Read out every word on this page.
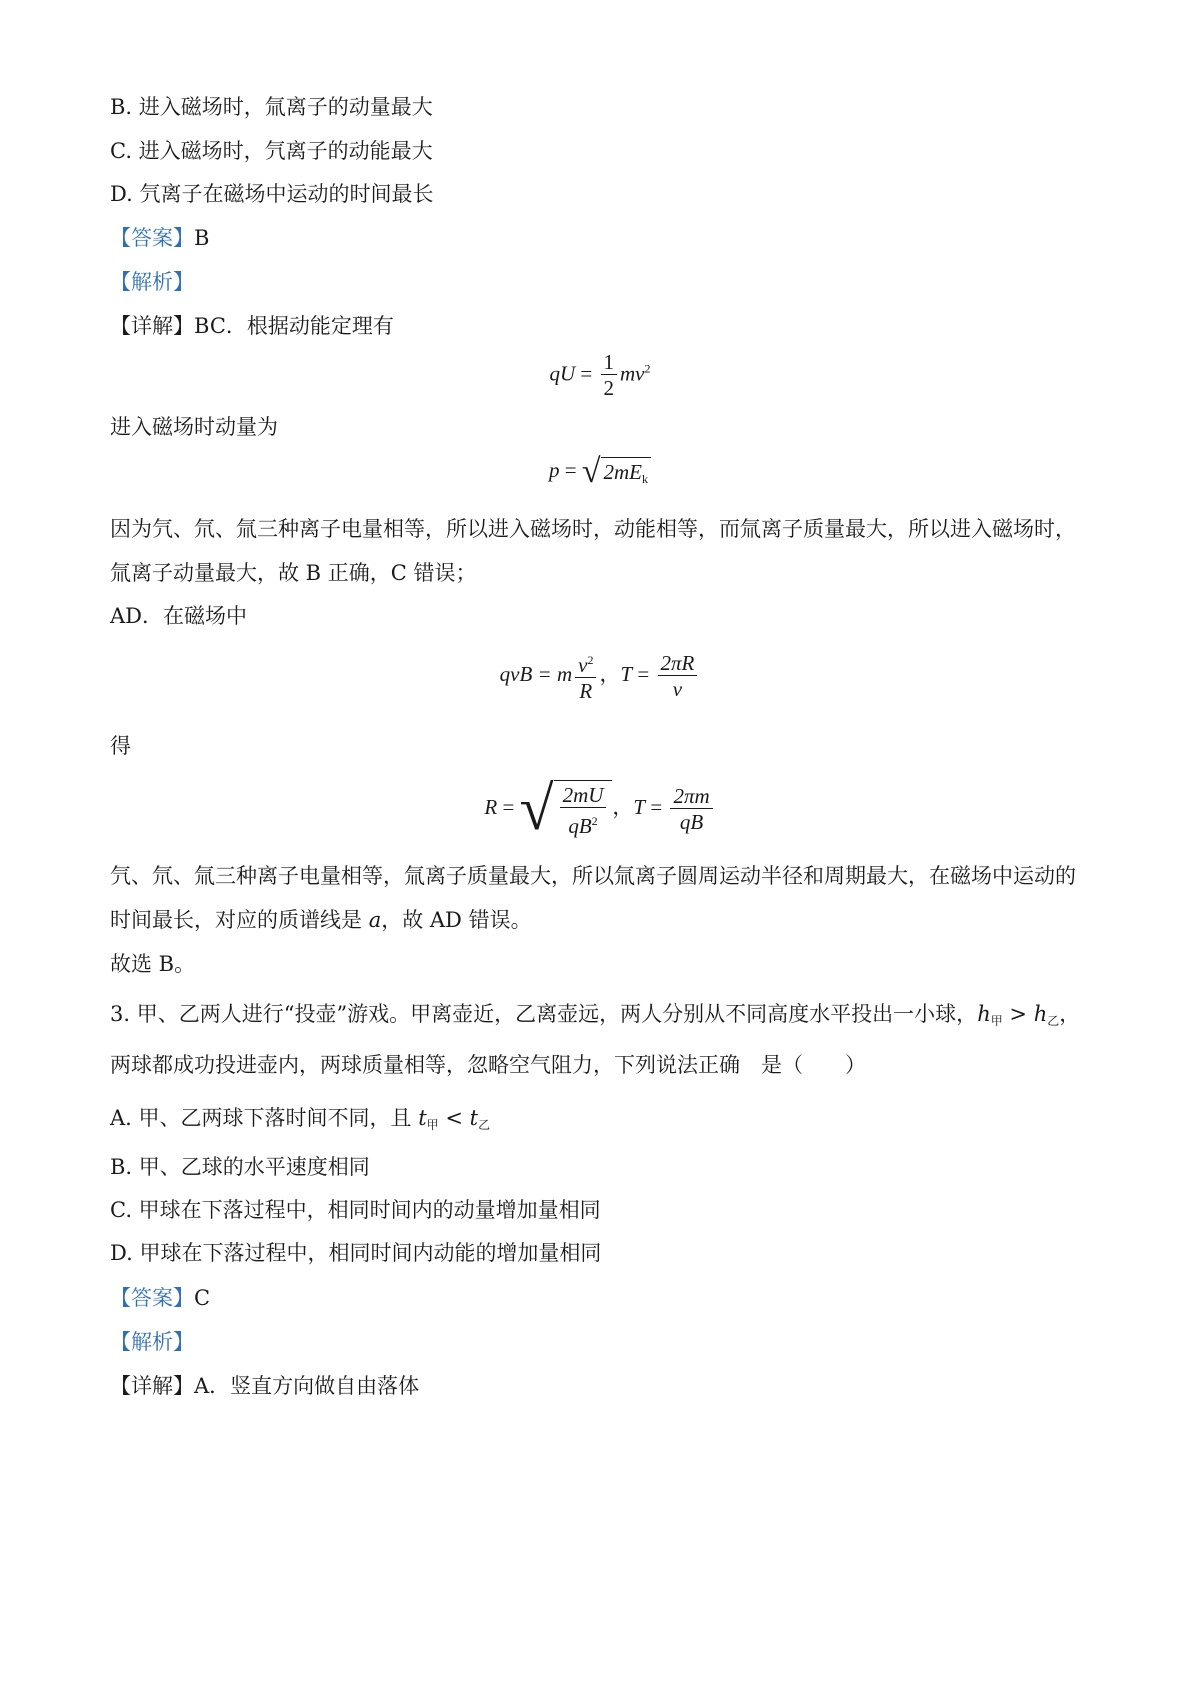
B. 进入磁场时，氚离子的动量最大
C. 进入磁场时，氕离子的动能最大
D. 氕离子在磁场中运动的时间最长
【答案】B
【解析】
【详解】BC．根据动能定理有
qU = $\frac{1}{2} mv^2$
进入磁场时动量为
p = √ $2mE_k$
因为氕、氘、氚三种离子电量相等，所以进入磁场时，动能相等，而氚离子质量最大，所以进入磁场时，
氚离子动量最大，故 B 正确，C 错误；
AD．在磁场中
qvB = m $\frac{v^2}{R}$ ，$T = \frac{2\pi R}{v}$
得
R = √ $\frac{2mU}{qB^2}$ ，$T = \frac{2\pi m}{qB}$
氕、氘、氚三种离子电量相等，氚离子质量最大，所以氚离子圆周运动半径和周期最大，在磁场中运动的
时间最长，对应的质谱线是 a，故 AD 错误。
故选 B。
3. 甲、乙两人进行“投壶”游戏。甲离壶近，乙离壶远，两人分别从不同高度水平投出一小球，$h_甲 > h_乙$，
两球都成功投进壶内，两球质量相等，忽略空气阻力，下列说法正确　是（　　）
A. 甲、乙两球下落时间不同，且 $t_甲 < t_乙$
B. 甲、乙球的水平速度相同
C. 甲球在下落过程中，相同时间内的动量增加量相同
D. 甲球在下落过程中，相同时间内动能的增加量相同
【答案】C
【解析】
【详解】A．竖直方向做自由落体
